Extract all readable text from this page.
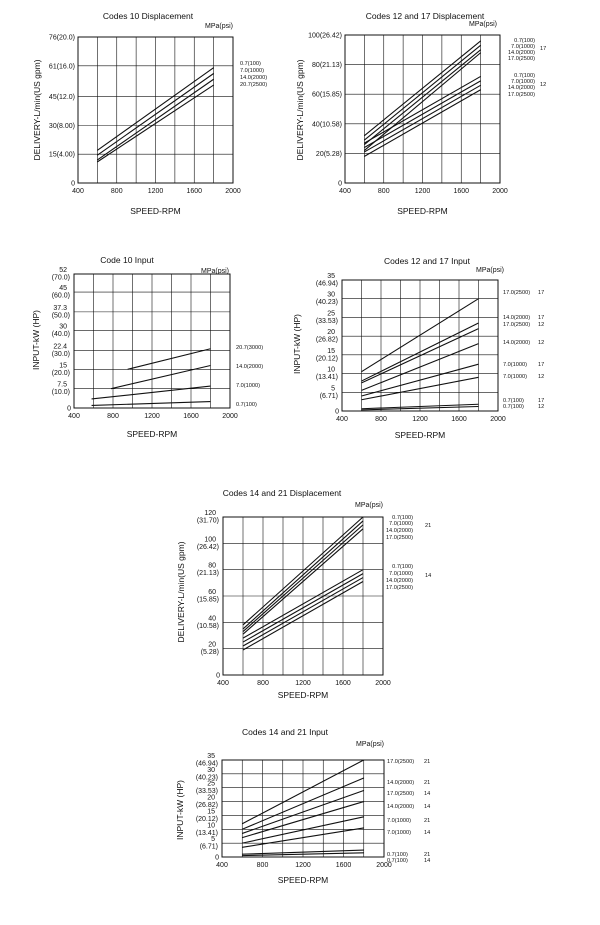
400	800	1200	1600	2000
0
15(4.00)
30(8.00)
45(12.0)
61(16.0)
76(20.0)
Codes 10 Displacement
MPa(psi)
SPEED-RPM
DELIVERY-L/min(US gpm)	0.7(100)
7.0(1000)
14.0(2000)
20.7(2500)
400	800	1200	1600	2000
0
20(5.28)
40(10.58)
60(15.85)
80(21.13)
100(26.42)
Codes 12 and 17 Displacement
MPa(psi)
SPEED-RPM
DELIVERY-L/min(US gpm)
0.7(100)
7.0(1000)
14.0(2000)
17.0(2500)
0.7(100)
7.0(1000)
14.0(2000)
17.0(2500)
12
17
400	800	1200	1600	2000
0
7.5
(10.0)
15
(20.0)
22.4
(30.0)
30
(40.0)
37.3
(50.0)
45
(60.0)
52
(70.0)
Code 10 Input
MPa(psi)
SPEED-RPM
INPUT-kW (HP)	20.7(3000)
14.0(2000)
7.0(1000)
0.7(100)
400	800	1200	1600	2000
0
5
(6.71)
10
(13.41)
15
(20.12)
20
(26.82)
25
(33.53)
30
(40.23)
35
(46.94)
Codes 12 and 17 Input
MPa(psi)
SPEED-RPM
INPUT-kW (HP)
17.0(2500) 17
14.0(2000) 17
17.0(2500) 12
14.0(2000) 12
7.0(1000) 17
7.0(1000) 12
0.7(100)	17
0.7(100)	12
400	800	1200	1600	2000
0
20
(5.28)
40
(10.58)
60
(15.85)
80
(21.13)
100
(26.42)
120
(31.70)
Codes 14 and 21 Displacement
MPa(psi)
SPEED-RPM
DELIVERY-L/min(US gpm)
0.7(100)
7.0(1000)
14.0(2000)
17.0(2500)
0.7(100)
7.0(1000)
14.0(2000)
17.0(2500)
14
21
400	800	1200	1600	2000
0
5
(6.71)
10
(13.41)
15
(20.12)
20
(26.82)
25
(33.53)
30
(40.23)
35
(46.94)
Codes 14 and 21 Input
MPa(psi)
SPEED-RPM
INPUT-kW (HP)
17.0(2500) 21
14.0(2000) 21
17.0(2500) 14
14.0(2000) 14
7.0(1000) 21
7.0(1000) 14
0.7(100)	21
0.7(100)	14
